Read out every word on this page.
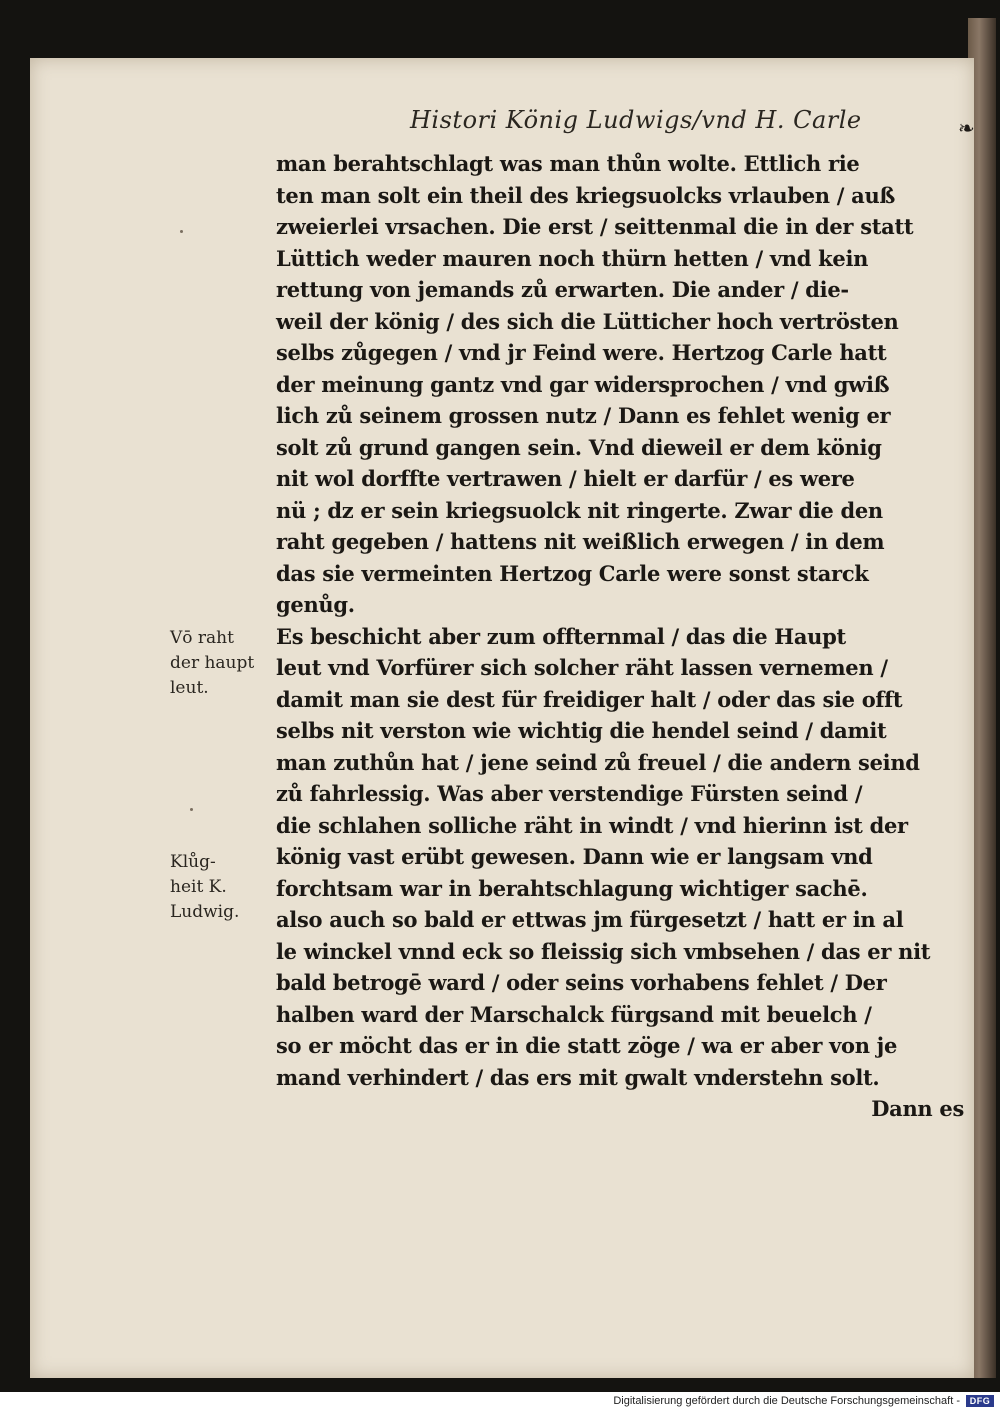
Histori König Ludwigs/vnd H. Carle	❧
man berahtschlagt was man thůn wolte. Ettlich rie
ten man solt ein theil des kriegsuolcks vrlauben / auß
zweierlei vrsachen. Die erst / seittenmal die in der statt
Lüttich weder mauren noch thürn hetten / vnd kein
rettung von jemands zů erwarten. Die ander / die-
weil der könig / des sich die Lütticher hoch vertrösten
selbs zůgegen / vnd jr Feind were. Hertzog Carle hatt
der meinung gantz vnd gar widersprochen / vnd gwiß
lich zů seinem grossen nutz / Dann es fehlet wenig er
solt zů grund gangen sein. Vnd dieweil er dem könig
nit wol dorffte vertrawen / hielt er darfür / es were
nü ; dz er sein kriegsuolck nit ringerte. Zwar die den
raht gegeben / hattens nit weißlich erwegen / in dem
das sie vermeinten Hertzog Carle were sonst starck
genůg.
Es beschicht aber zum offternmal / das die Haupt
leut vnd Vorfürer sich solcher räht lassen vernemen /
damit man sie dest für freidiger halt / oder das sie offt
selbs nit verston wie wichtig die hendel seind / damit
man zuthůn hat / jene seind zů freuel / die andern seind
zů fahrlessig. Was aber verstendige Fürsten seind /
die schlahen solliche räht in windt / vnd hierinn ist der
könig vast erübt gewesen. Dann wie er langsam vnd
forchtsam war in berahtschlagung wichtiger sachē.
also auch so bald er ettwas jm fürgesetzt / hatt er in al
le winckel vnnd eck so fleissig sich vmbsehen / das er nit
bald betrogē ward / oder seins vorhabens fehlet / Der
halben ward der Marschalck fürgsand mit beuelch /
so er möcht das er in die statt zöge / wa er aber von je
mand verhindert / das ers mit gwalt vnderstehn solt.
Dann es
Vō raht
der haupt
leut.
Klůg-
heit K.
Ludwig.
Digitalisierung gefördert durch die Deutsche Forschungsgemeinschaft -	DFG
